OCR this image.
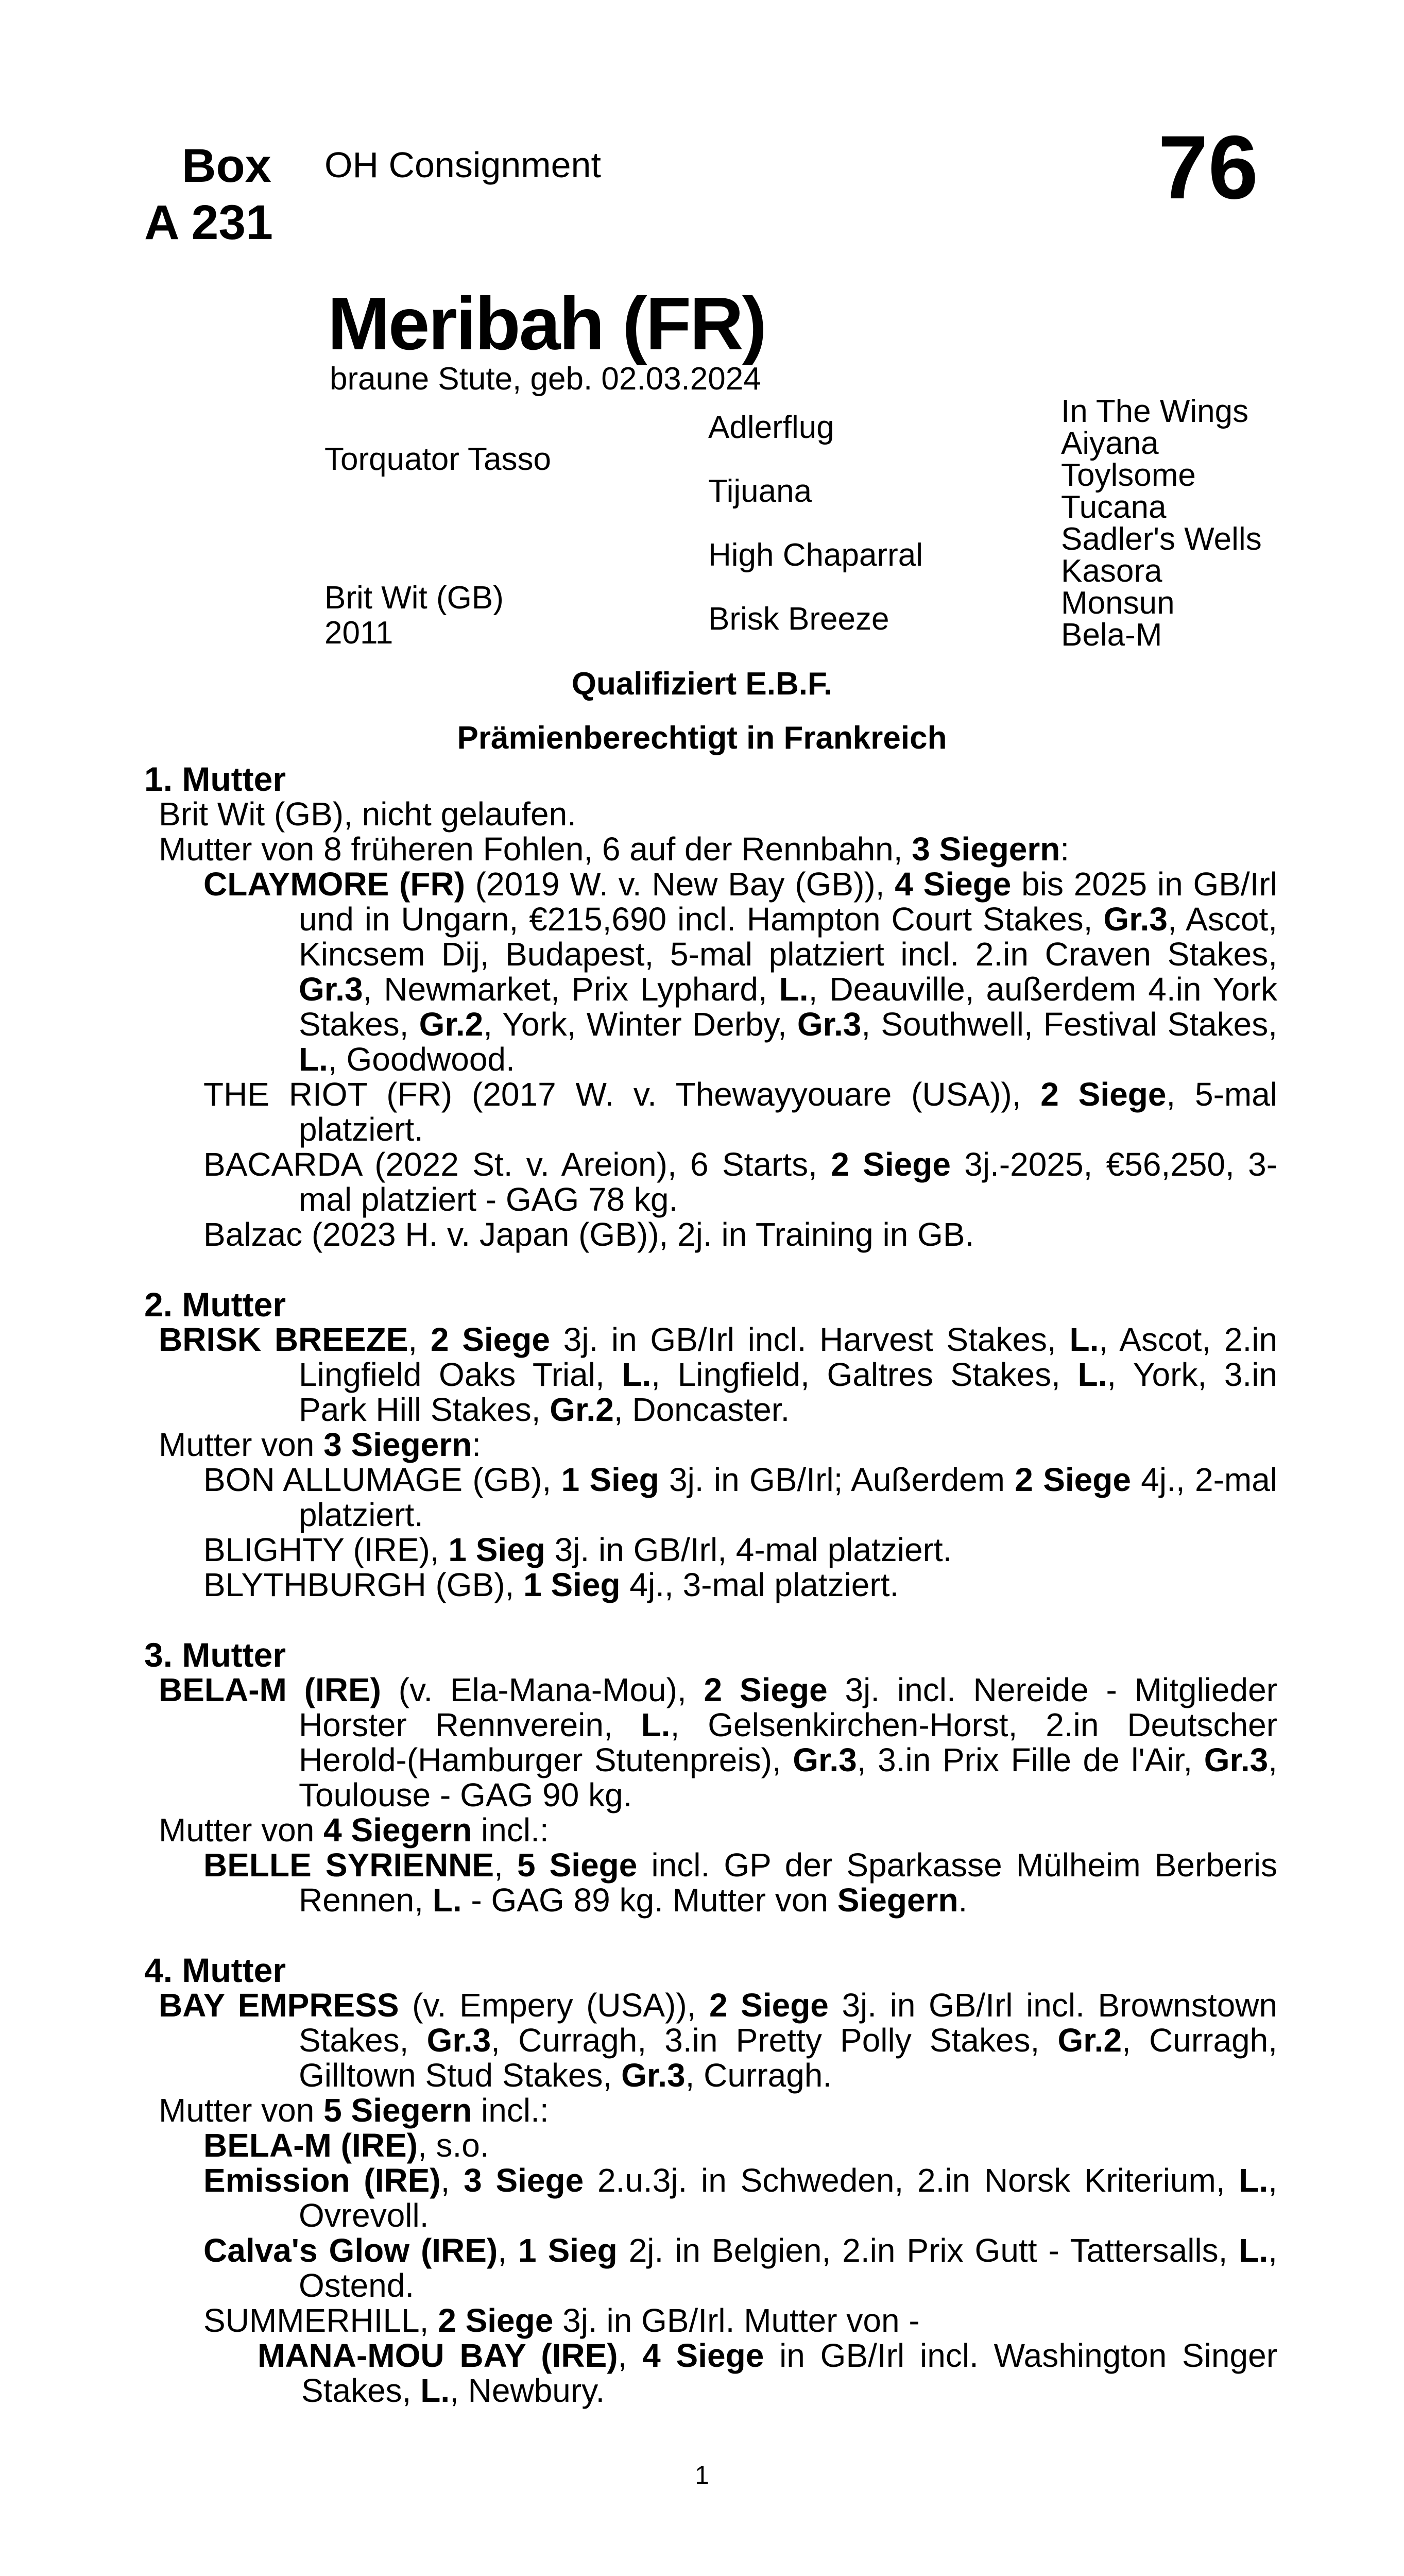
Box
A 231
OH Consignment	76
Meribah (FR)
braune Stute, geb. 02.03.2024
Torquator Tasso
Brit Wit (GB)
2011
Adlerflug
Tijuana
High Chaparral
Brisk Breeze
In The Wings
Aiyana
Toylsome
Tucana
Sadler's Wells
Kasora
Monsun
Bela-M
Qualifiziert E.B.F.
Prämienberechtigt in Frankreich
1. Mutter

Brit Wit (GB), nicht gelaufen.

Mutter von 8 früheren Fohlen, 6 auf der Rennbahn, 3 Siegern:

CLAYMORE (FR) (2019 W. v. New Bay (GB)), 4 Siege bis 2025 in GB/Irl und in Ungarn, €215,690 incl. Hampton Court Stakes, Gr.3, Ascot, Kincsem Dij, Budapest, 5-mal platziert incl. 2.in Craven Stakes, Gr.3, Newmarket, Prix Lyphard, L., Deauville, außerdem 4.in York Stakes, Gr.2, York, Winter Derby, Gr.3, Southwell, Festival Stakes, L., Goodwood.

THE RIOT (FR) (2017 W. v. Thewayyouare (USA)), 2 Siege, 5-mal platziert.

BACARDA (2022 St. v. Areion), 6 Starts, 2 Siege 3j.-2025, €56,250, 3-mal platziert - GAG 78 kg.

Balzac (2023 H. v. Japan (GB)), 2j. in Training in GB.

2. Mutter

BRISK BREEZE, 2 Siege 3j. in GB/Irl incl. Harvest Stakes, L., Ascot, 2.in Lingfield Oaks Trial, L., Lingfield, Galtres Stakes, L., York, 3.in Park Hill Stakes, Gr.2, Doncaster.

Mutter von 3 Siegern:

BON ALLUMAGE (GB), 1 Sieg 3j. in GB/Irl; Außerdem 2 Siege 4j., 2-mal platziert.

BLIGHTY (IRE), 1 Sieg 3j. in GB/Irl, 4-mal platziert.

BLYTHBURGH (GB), 1 Sieg 4j., 3-mal platziert.

3. Mutter

BELA-M (IRE) (v. Ela-Mana-Mou), 2 Siege 3j. incl. Nereide - Mitglieder Horster Rennverein, L., Gelsenkirchen-Horst, 2.in Deutscher Herold-(Hamburger Stutenpreis), Gr.3, 3.in Prix Fille de l'Air, Gr.3, Toulouse - GAG 90 kg.

Mutter von 4 Siegern incl.:

BELLE SYRIENNE, 5 Siege incl. GP der Sparkasse Mülheim Berberis Rennen, L. - GAG 89 kg. Mutter von Siegern.

4. Mutter

BAY EMPRESS (v. Empery (USA)), 2 Siege 3j. in GB/Irl incl. Brownstown Stakes, Gr.3, Curragh, 3.in Pretty Polly Stakes, Gr.2, Curragh, Gilltown Stud Stakes, Gr.3, Curragh.

Mutter von 5 Siegern incl.:

BELA-M (IRE), s.o.

Emission (IRE), 3 Siege 2.u.3j. in Schweden, 2.in Norsk Kriterium, L., Ovrevoll.

Calva's Glow (IRE), 1 Sieg 2j. in Belgien, 2.in Prix Gutt - Tattersalls, L., Ostend.

SUMMERHILL, 2 Siege 3j. in GB/Irl. Mutter von -

MANA-MOU BAY (IRE), 4 Siege in GB/Irl incl. Washington Singer Stakes, L., Newbury.

1
